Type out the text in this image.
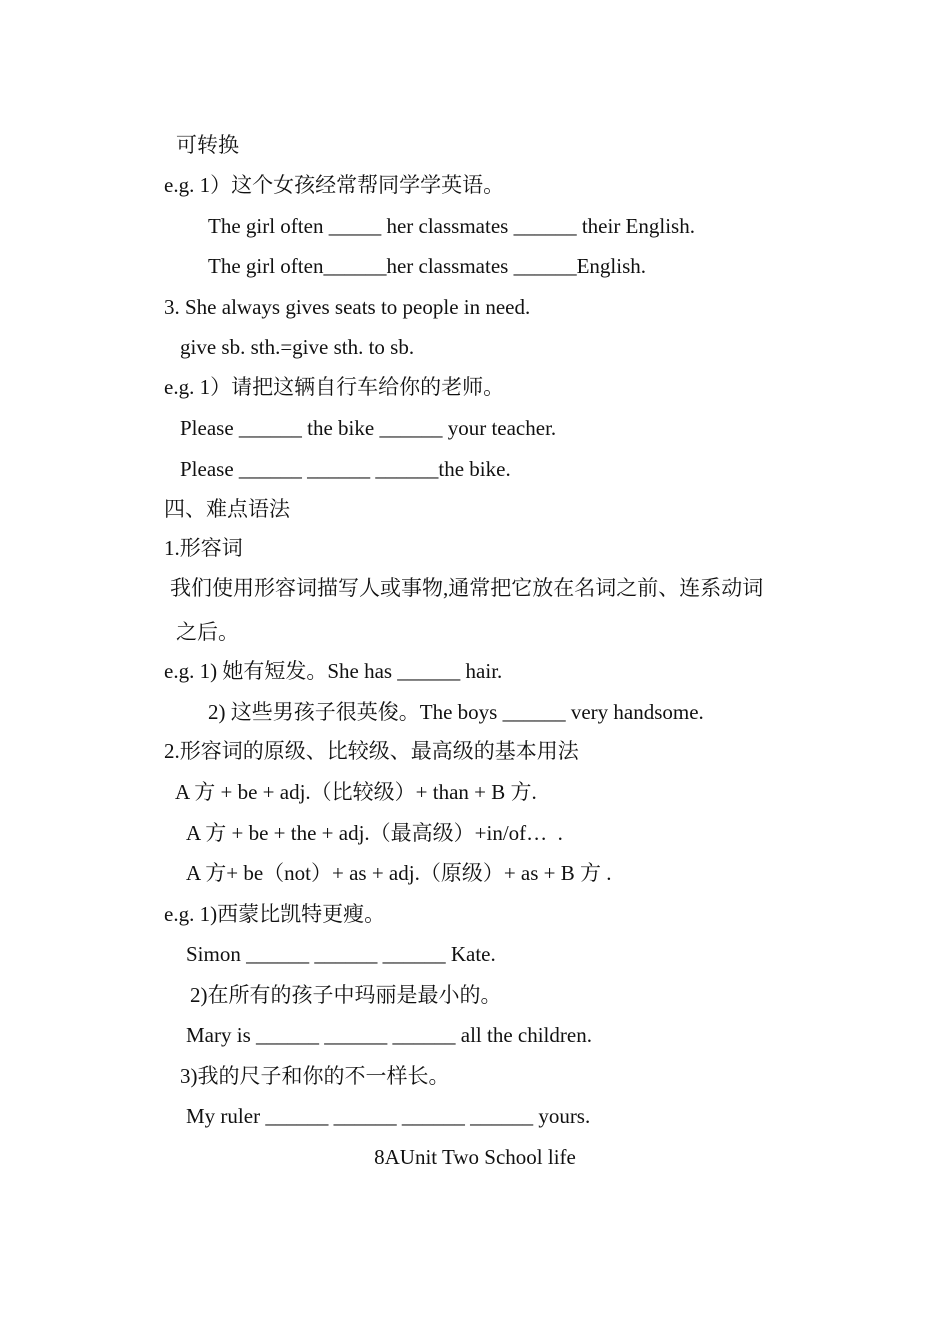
可转换
e.g. 1）这个女孩经常帮同学学英语。
The girl often _____ her classmates ______ their English.
The girl often______her classmates ______English.
3. She always gives seats to people in need.
give sb. sth.=give sth. to sb.
e.g. 1）请把这辆自行车给你的老师。
Please ______ the bike ______ your teacher.
Please ______ ______ ______the bike.
四、难点语法
1.形容词
我们使用形容词描写人或事物,通常把它放在名词之前、连系动词
之后。
e.g. 1) 她有短发。She has ______ hair.
2) 这些男孩子很英俊。The boys ______ very handsome.
2.形容词的原级、比较级、最高级的基本用法
A 方 + be + adj.（比较级）+ than + B 方.
A 方 + be + the + adj.（最高级）+in/of…  .
A 方+ be（not）+ as + adj.（原级）+ as + B 方 .
e.g. 1)西蒙比凯特更瘦。
Simon ______ ______ ______ Kate.
2)在所有的孩子中玛丽是最小的。
Mary is ______ ______ ______ all the children.
3)我的尺子和你的不一样长。
My ruler ______ ______ ______ ______ yours.
8AUnit Two School life
